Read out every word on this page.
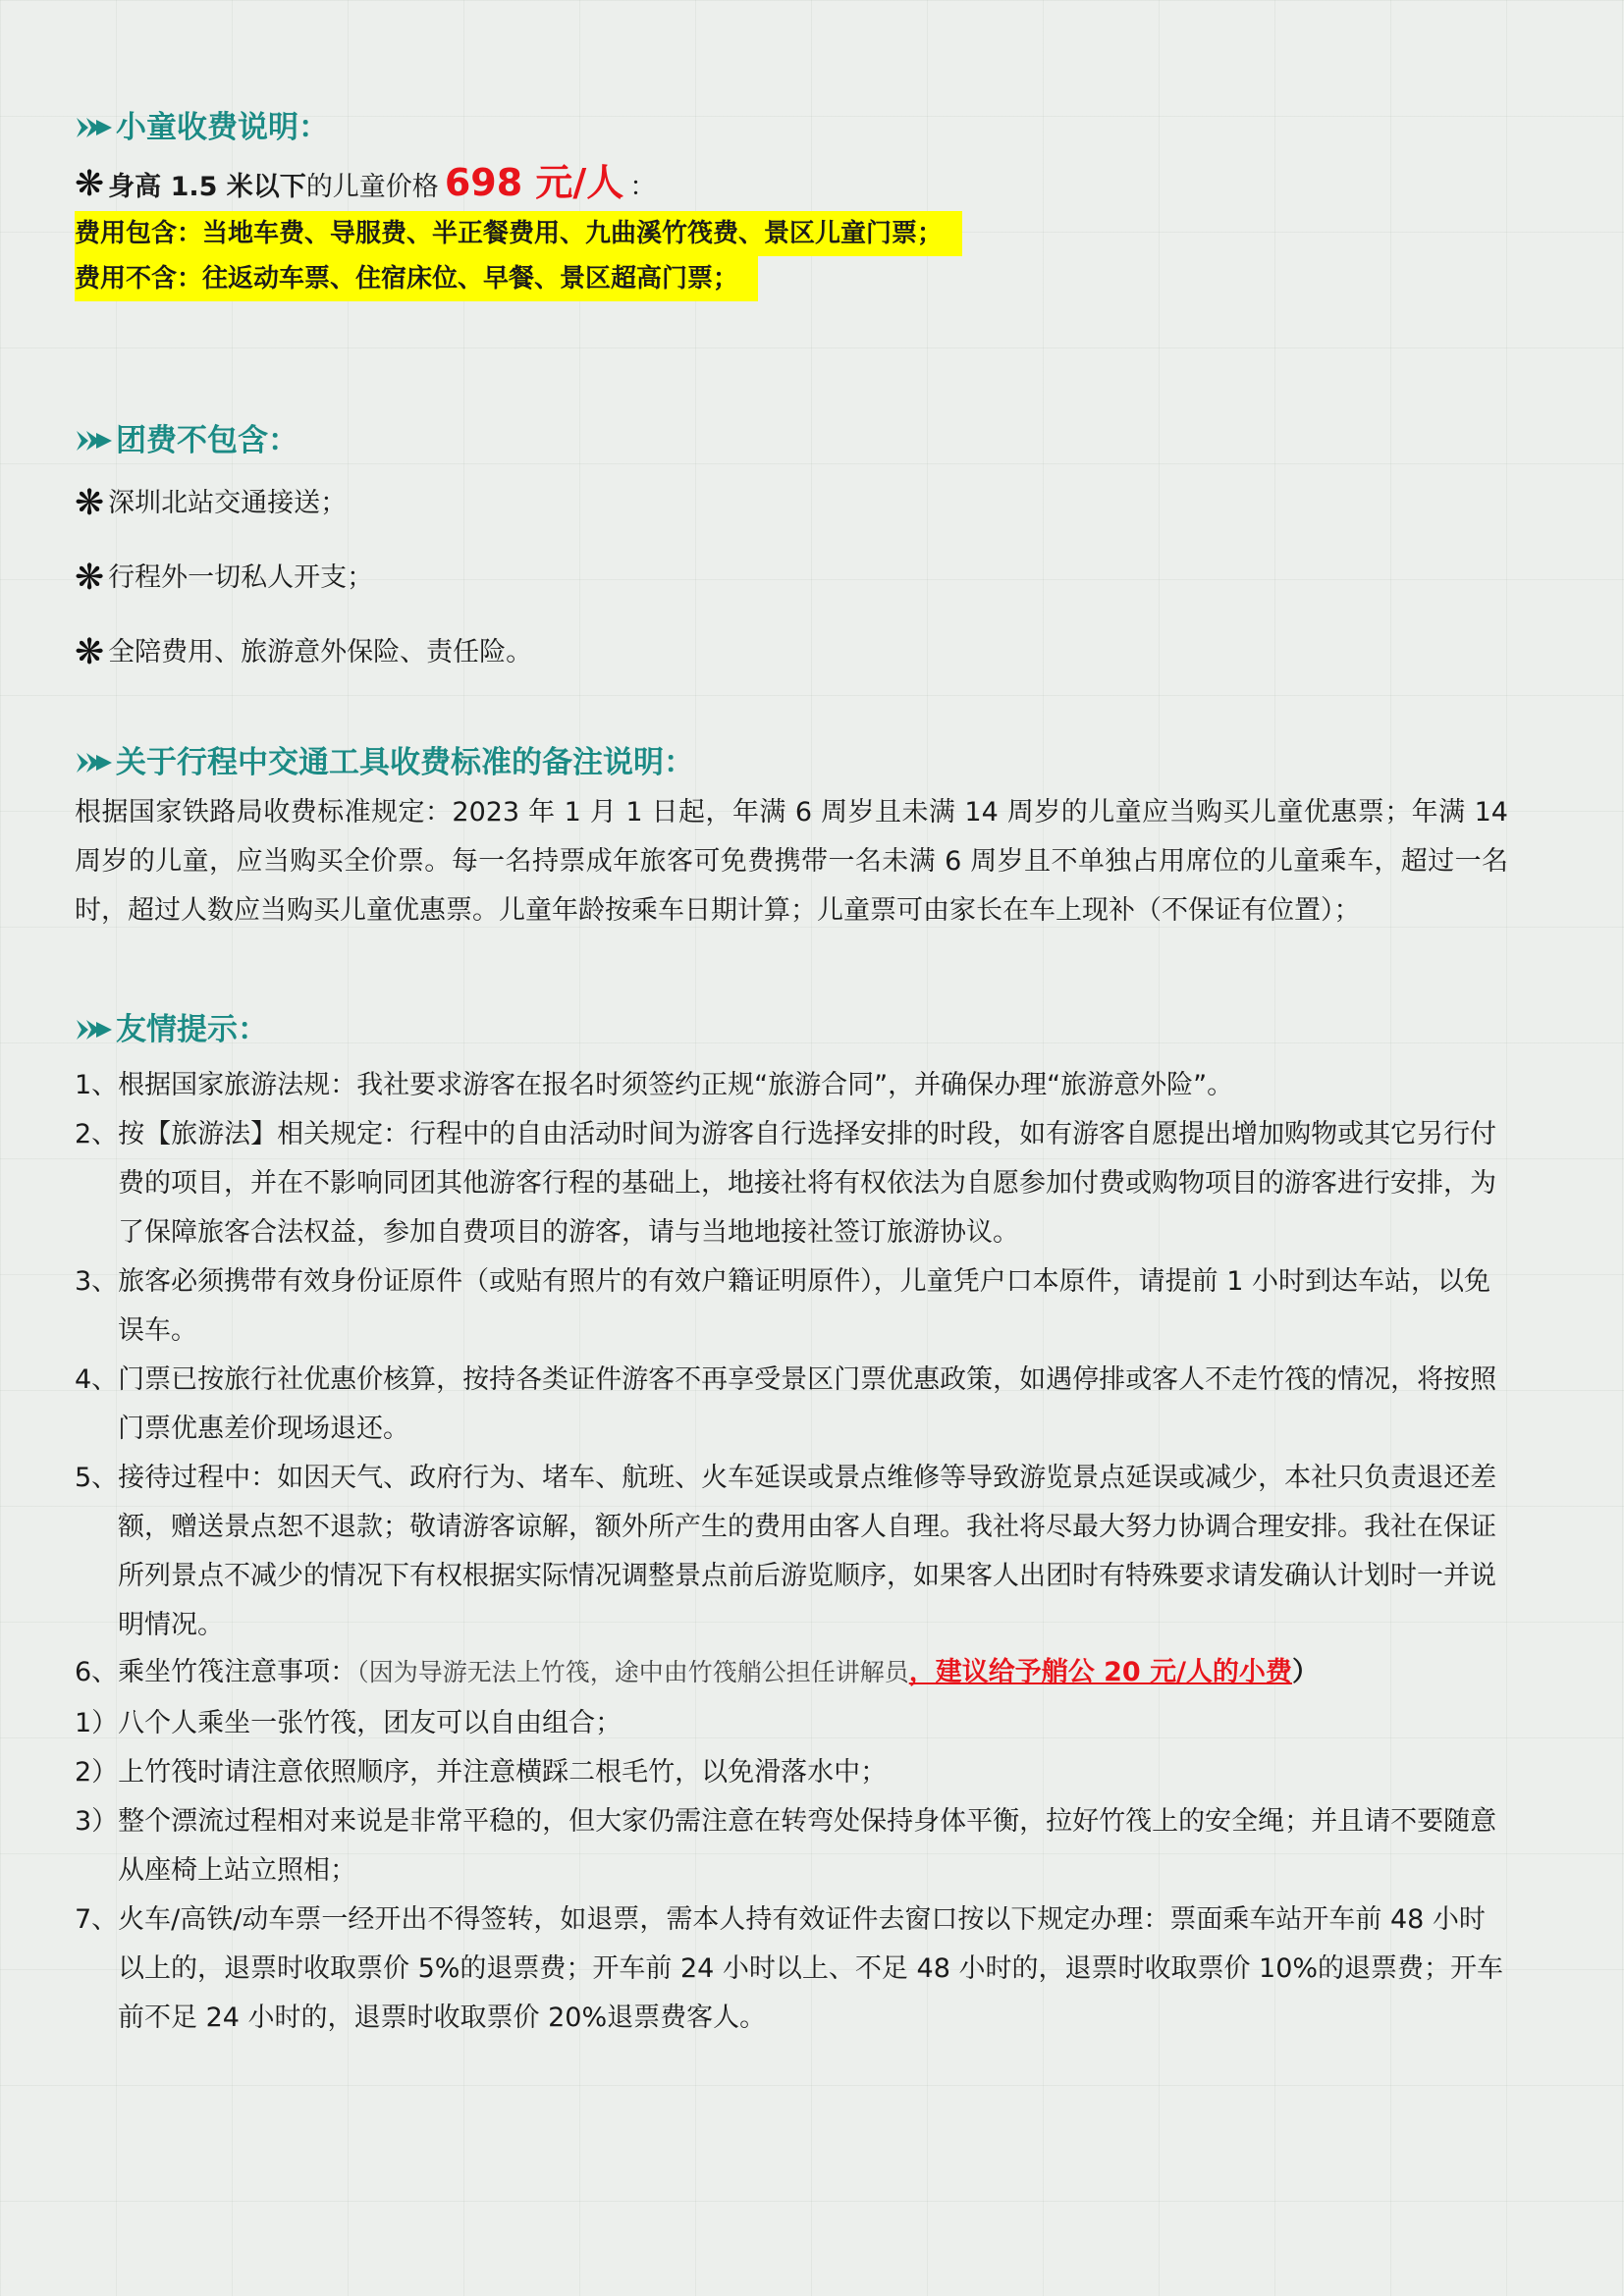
小童收费说明：
❋ 身高 1.5 米以下 的儿童价格 698 元/人 ：
费用包含：当地车费、导服费、半正餐费用、九曲溪竹筏费、景区儿童门票；
费用不含：往返动车票、住宿床位、早餐、景区超高门票；
团费不包含：
❋ 深圳北站交通接送；
❋ 行程外一切私人开支；
❋ 全陪费用、旅游意外保险、责任险。
关于行程中交通工具收费标准的备注说明：

根据国家铁路局收费标准规定：2023 年 1 月 1 日起，年满 6 周岁且未满 14 周岁的儿童应当购买儿童优惠票；年满 14 周岁的儿童，应当购买全价票。每一名持票成年旅客可免费携带一名未满 6 周岁且不单独占用席位的儿童乘车，超过一名时，超过人数应当购买儿童优惠票。儿童年龄按乘车日期计算；儿童票可由家长在车上现补（不保证有位置）；

友情提示：

1、根据国家旅游法规：我社要求游客在报名时须签约正规“旅游合同”，并确保办理“旅游意外险”。

2、按【旅游法】相关规定：行程中的自由活动时间为游客自行选择安排的时段，如有游客自愿提出增加购物或其它另行付费的项目，并在不影响同团其他游客行程的基础上，地接社将有权依法为自愿参加付费或购物项目的游客进行安排，为了保障旅客合法权益，参加自费项目的游客，请与当地地接社签订旅游协议。

3、旅客必须携带有效身份证原件（或贴有照片的有效户籍证明原件），儿童凭户口本原件，请提前 1 小时到达车站，以免误车。

4、门票已按旅行社优惠价核算，按持各类证件游客不再享受景区门票优惠政策，如遇停排或客人不走竹筏的情况，将按照门票优惠差价现场退还。

5、接待过程中：如因天气、政府行为、堵车、航班、火车延误或景点维修等导致游览景点延误或减少，本社只负责退还差额，赠送景点恕不退款；敬请游客谅解，额外所产生的费用由客人自理。我社将尽最大努力协调合理安排。我社在保证所列景点不减少的情况下有权根据实际情况调整景点前后游览顺序，如果客人出团时有特殊要求请发确认计划时一并说明情况。

6、乘坐竹筏注意事项：（因为导游无法上竹筏，途中由竹筏艄公担任讲解员，建议给予艄公 20 元/人的小费）

1）八个人乘坐一张竹筏，团友可以自由组合；

2）上竹筏时请注意依照顺序，并注意横踩二根毛竹，以免滑落水中；

3）整个漂流过程相对来说是非常平稳的，但大家仍需注意在转弯处保持身体平衡，拉好竹筏上的安全绳；并且请不要随意从座椅上站立照相；

7、火车/高铁/动车票一经开出不得签转，如退票，需本人持有效证件去窗口按以下规定办理：票面乘车站开车前 48 小时以上的，退票时收取票价 5%的退票费；开车前 24 小时以上、不足 48 小时的，退票时收取票价 10%的退票费；开车前不足 24 小时的，退票时收取票价 20%退票费客人。
